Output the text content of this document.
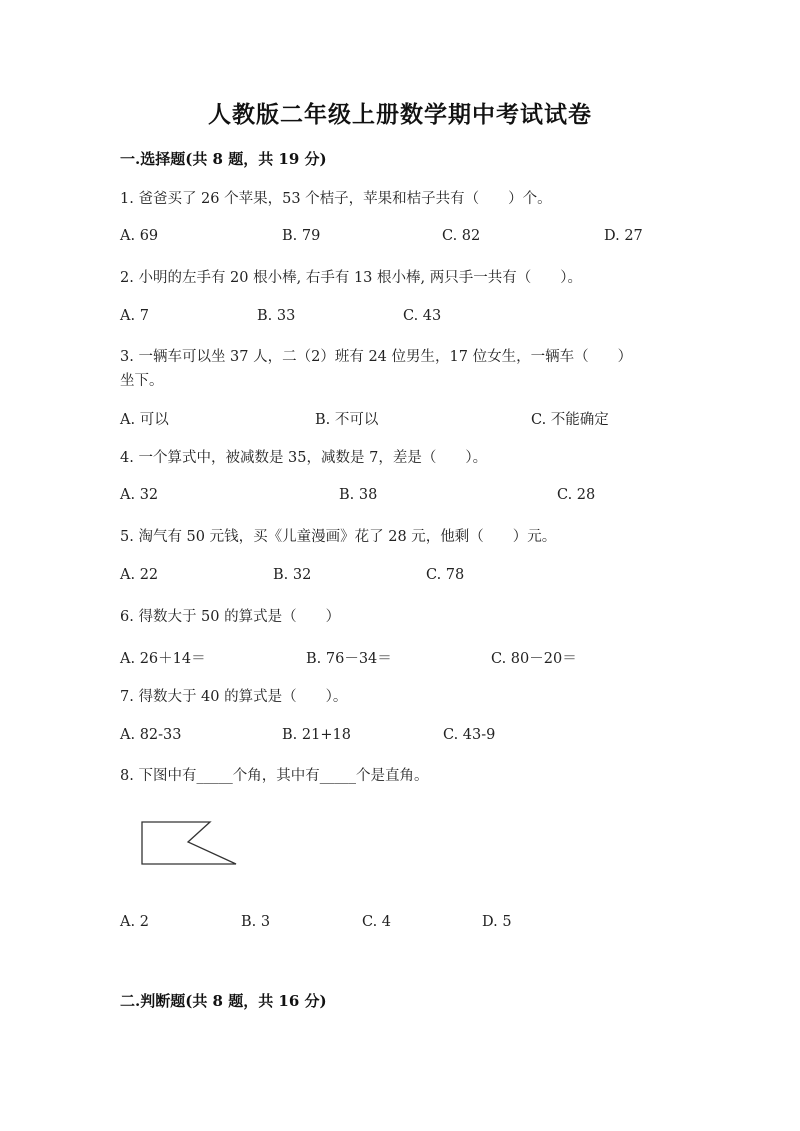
人教版二年级上册数学期中考试试卷
一.选择题(共 8 题，共 19 分)
1. 爸爸买了 26 个苹果，53 个桔子，苹果和桔子共有（　　）个。
A. 69	B. 79	C. 82	D. 27
2. 小明的左手有 20 根小棒, 右手有 13 根小棒, 两只手一共有（　　）。
A. 7	B. 33	C. 43
3. 一辆车可以坐 37 人，二（2）班有 24 位男生，17 位女生，一辆车（　　）坐下。
A. 可以	B. 不可以	C. 不能确定
4. 一个算式中，被减数是 35，减数是 7，差是（　　）。
A. 32	B. 38	C. 28
5. 淘气有 50 元钱，买《儿童漫画》花了 28 元，他剩（　　）元。
A. 22	B. 32	C. 78
6. 得数大于 50 的算式是（　　）
A. 26＋14＝	B. 76－34＝	C. 80－20＝
7. 得数大于 40 的算式是（　　）。
A. 82-33	B. 21+18	C. 43-9
8. 下图中有_____个角，其中有_____个是直角。
A. 2	B. 3	C. 4	D. 5
二.判断题(共 8 题，共 16 分)
